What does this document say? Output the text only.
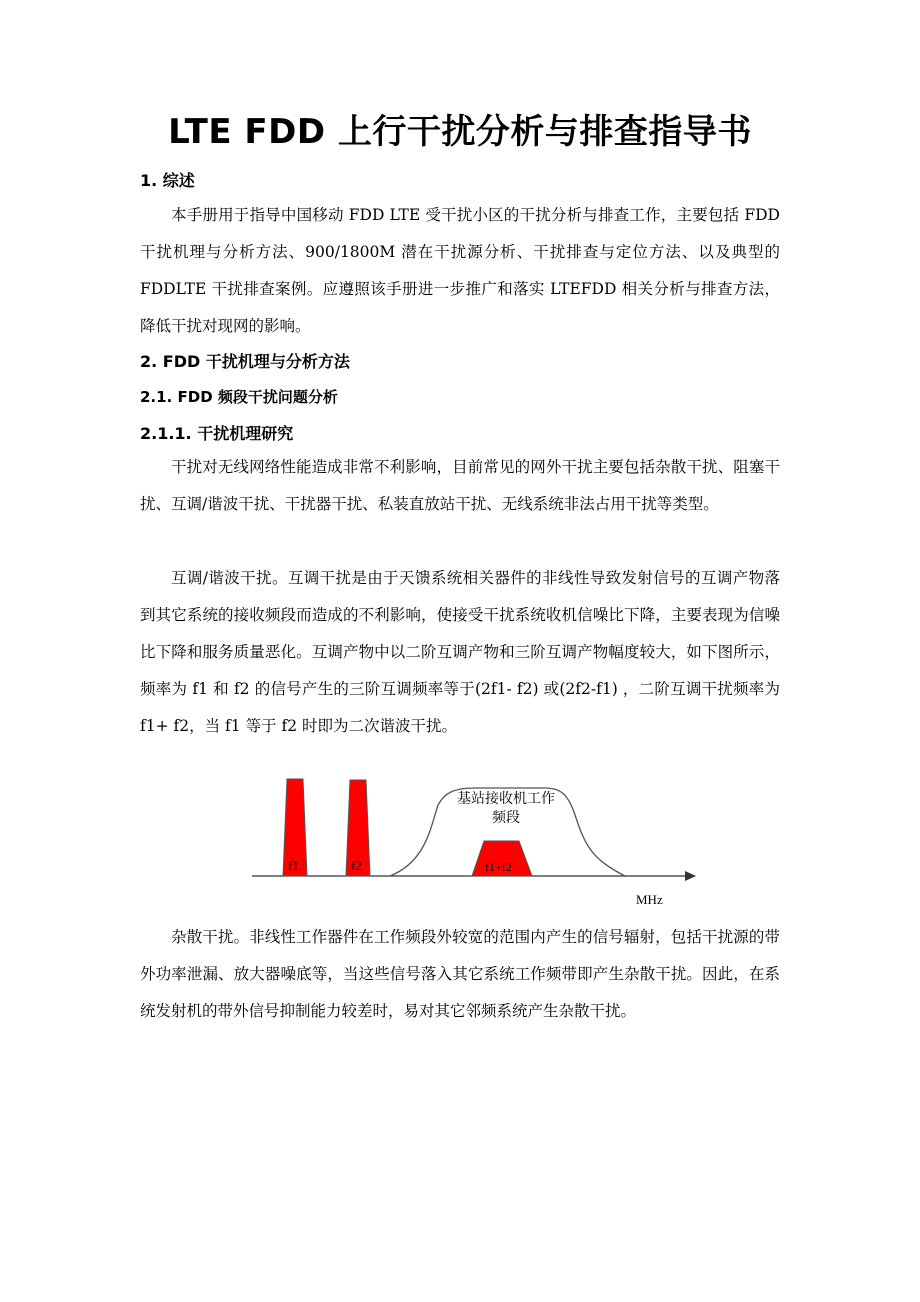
LTE FDD 上行干扰分析与排查指导书
1. 综述

本手册用于指导中国移动 FDD LTE 受干扰小区的干扰分析与排查工作，主要包括 FDD 干扰机理与分析方法、900/1800M 潜在干扰源分析、干扰排查与定位方法、以及典型的 FDDLTE 干扰排查案例。应遵照该手册进一步推广和落实 LTEFDD 相关分析与排查方法，降低干扰对现网的影响。

2. FDD 干扰机理与分析方法
2.1. FDD 频段干扰问题分析
2.1.1. 干扰机理研究

干扰对无线网络性能造成非常不利影响，目前常见的网外干扰主要包括杂散干扰、阻塞干扰、互调/谐波干扰、干扰器干扰、私装直放站干扰、无线系统非法占用干扰等类型。

互调/谐波干扰。互调干扰是由于天馈系统相关器件的非线性导致发射信号的互调产物落到其它系统的接收频段而造成的不利影响，使接受干扰系统收机信噪比下降，主要表现为信噪比下降和服务质量恶化。互调产物中以二阶互调产物和三阶互调产物幅度较大，如下图所示，频率为 f1 和 f2 的信号产生的三阶互调频率等于(2f1- f2) 或(2f2-f1) ，二阶互调干扰频率为 f1+ f2，当 f1 等于 f2 时即为二次谐波干扰。

f1	f2	f1+f2
基站接收机工作
频段
MHz

杂散干扰。非线性工作器件在工作频段外较宽的范围内产生的信号辐射，包括干扰源的带外功率泄漏、放大器噪底等，当这些信号落入其它系统工作频带即产生杂散干扰。因此，在系统发射机的带外信号抑制能力较差时，易对其它邻频系统产生杂散干扰。
